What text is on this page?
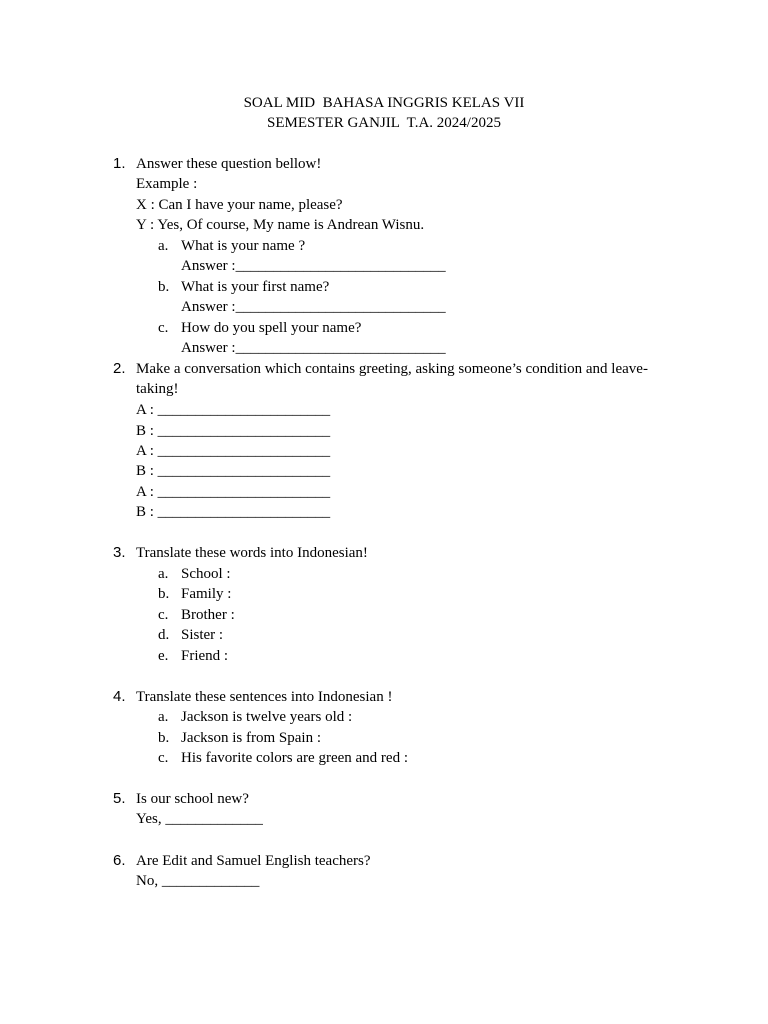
SOAL MID  BAHASA INGGRIS KELAS VII
SEMESTER GANJIL  T.A. 2024/2025
1. Answer these question bellow!
Example :
X : Can I have your name, please?
Y : Yes, Of course, My name is Andrean Wisnu.
a. What is your name ?
Answer :____________________________
b. What is your first name?
Answer :____________________________
c. How do you spell your name?
Answer :____________________________
2. Make a conversation which contains greeting, asking someone’s condition and leave-
taking!
A : _______________________
B : _______________________
A : _______________________
B : _______________________
A : _______________________
B : _______________________
3. Translate these words into Indonesian!
a. School :
b. Family :
c. Brother :
d. Sister :
e. Friend :
4. Translate these sentences into Indonesian !
a. Jackson is twelve years old :
b. Jackson is from Spain :
c. His favorite colors are green and red :
5. Is our school new?
Yes, _____________
6. Are Edit and Samuel English teachers?
No, _____________
